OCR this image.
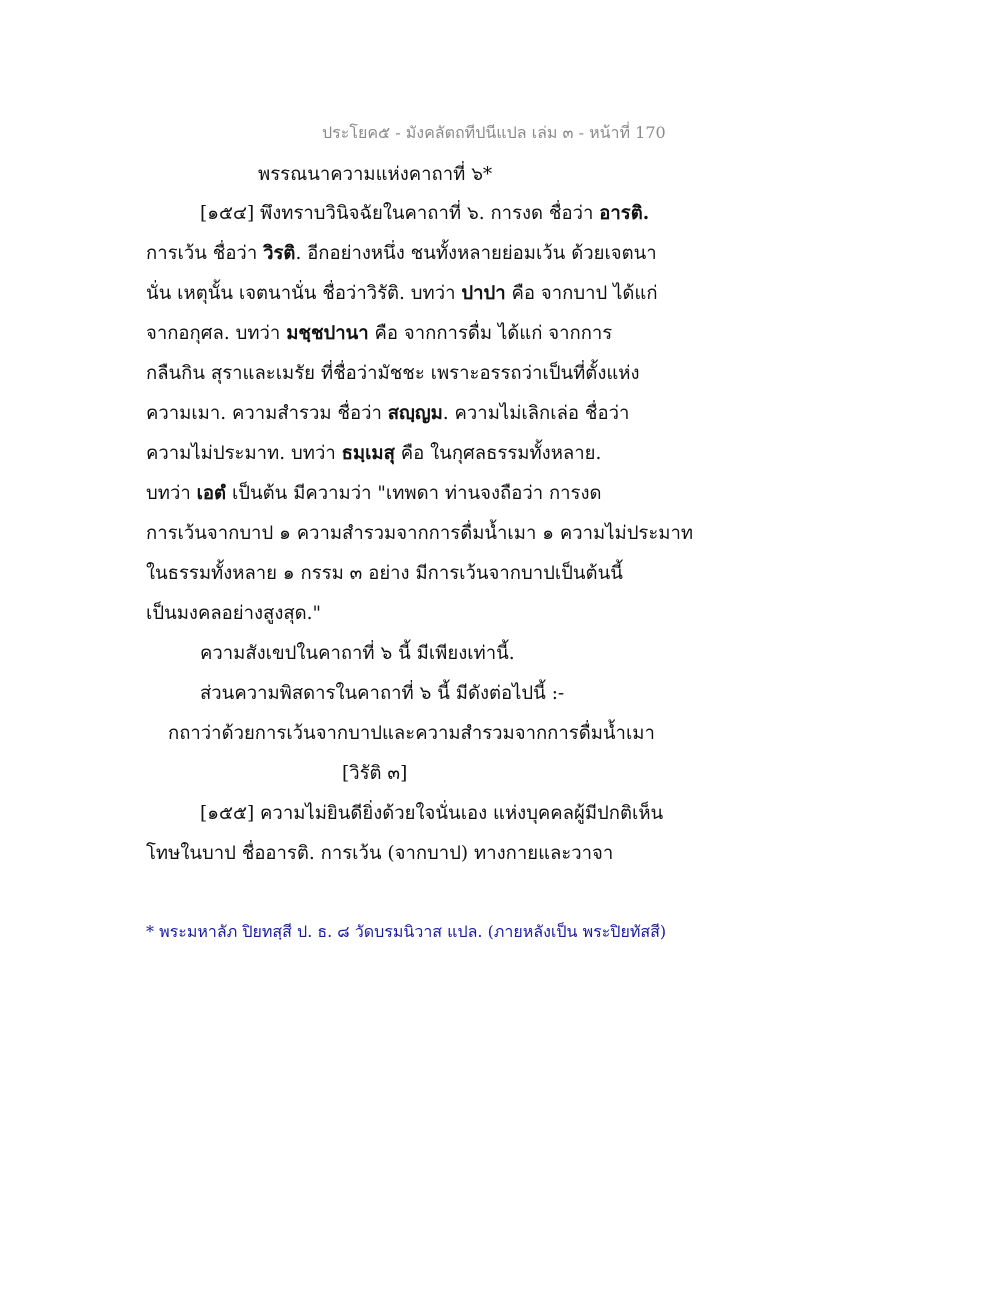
ประโยค๕ - มังคลัตถทีปนีแปล เล่ม ๓ - หน้าที่ 170
พรรณนาความแห่งคาถาที่ ๖*
[๑๕๔] พึงทราบวินิจฉัยในคาถาที่ ๖. การงด ชื่อว่า อารติ.
การเว้น ชื่อว่า วิรติ. อีกอย่างหนึ่ง ชนทั้งหลายย่อมเว้น ด้วยเจตนา
นั่น เหตุนั้น เจตนานั่น ชื่อว่าวิรัติ. บทว่า ปาปา คือ จากบาป ได้แก่
จากอกุศล. บทว่า มชฺชปานา คือ จากการดื่ม ได้แก่ จากการ
กลืนกิน สุราและเมรัย ที่ชื่อว่ามัชชะ เพราะอรรถว่าเป็นที่ตั้งแห่ง
ความเมา. ความสำรวม ชื่อว่า สญฺญม. ความไม่เลิกเล่อ ชื่อว่า
ความไม่ประมาท. บทว่า ธมฺเมสุ คือ ในกุศลธรรมทั้งหลาย.
บทว่า เอตํ เป็นต้น มีความว่า "เทพดา ท่านจงถือว่า การงด
การเว้นจากบาป ๑ ความสำรวมจากการดื่มน้ำเมา ๑ ความไม่ประมาท
ในธรรมทั้งหลาย ๑ กรรม ๓ อย่าง มีการเว้นจากบาปเป็นต้นนี้
เป็นมงคลอย่างสูงสุด."
ความสังเขปในคาถาที่ ๖ นี้ มีเพียงเท่านี้.
ส่วนความพิสดารในคาถาที่ ๖ นี้ มีดังต่อไปนี้ :-
กถาว่าด้วยการเว้นจากบาปและความสำรวมจากการดื่มน้ำเมา
[วิรัติ ๓]
[๑๕๕] ความไม่ยินดียิ่งด้วยใจนั่นเอง แห่งบุคคลผู้มีปกติเห็น
โทษในบาป ชื่ออารติ. การเว้น (จากบาป) ทางกายและวาจา
* พระมหาลัภ ปิยทสฺสี ป. ธ. ๘ วัดบรมนิวาส แปล. (ภายหลังเป็น พระปิยทัสสี)
